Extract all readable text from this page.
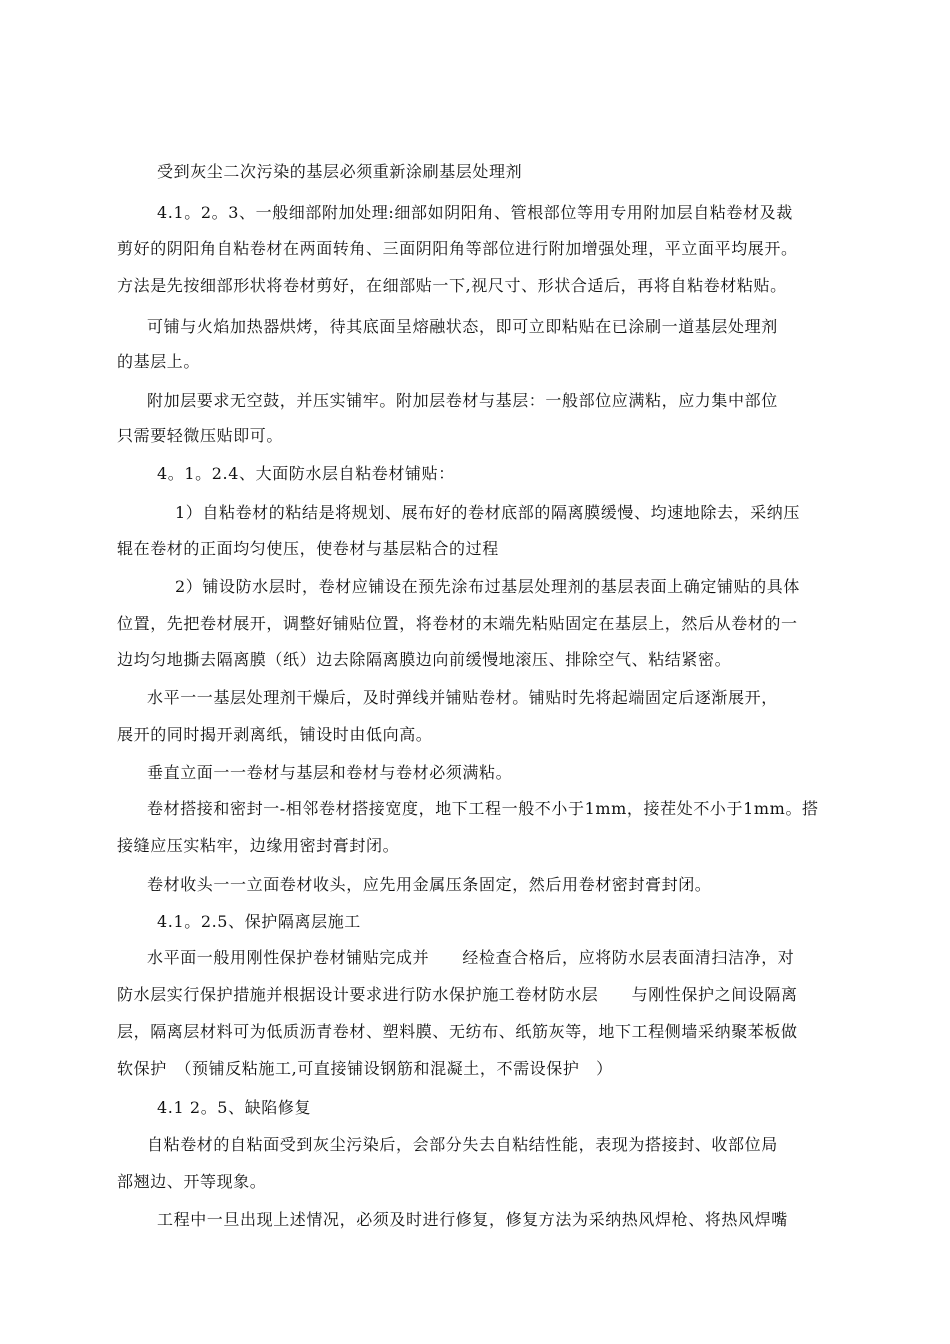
受到灰尘二次污染的基层必须重新涂刷基层处理剂
4.1。2。3、一般细部附加处理:细部如阴阳角、管根部位等用专用附加层自粘卷材及裁
剪好的阴阳角自粘卷材在两面转角、三面阴阳角等部位进行附加增强处理，平立面平均展开。
方法是先按细部形状将卷材剪好，在细部贴一下,视尺寸、形状合适后，再将自粘卷材粘贴。
可铺与火焰加热器烘烤，待其底面呈熔融状态，即可立即粘贴在已涂刷一道基层处理剂
的基层上。
附加层要求无空鼓，并压实铺牢。附加层卷材与基层：一般部位应满粘，应力集中部位
只需要轻微压贴即可。
4。1。2.4、大面防水层自粘卷材铺贴：
1）自粘卷材的粘结是将规划、展布好的卷材底部的隔离膜缓慢、均速地除去，采纳压
辊在卷材的正面均匀使压，使卷材与基层粘合的过程
2）铺设防水层时，卷材应铺设在预先涂布过基层处理剂的基层表面上确定铺贴的具体
位置，先把卷材展开，调整好铺贴位置，将卷材的末端先粘贴固定在基层上，然后从卷材的一
边均匀地撕去隔离膜（纸）边去除隔离膜边向前缓慢地滚压、排除空气、粘结紧密。
水平一一基层处理剂干燥后，及时弹线并铺贴卷材。铺贴时先将起端固定后逐渐展开，
展开的同时揭开剥离纸，铺设时由低向高。
垂直立面一一卷材与基层和卷材与卷材必须满粘。
卷材搭接和密封一-相邻卷材搭接宽度，地下工程一般不小于1mm，接茬处不小于1mm。搭
接缝应压实粘牢，边缘用密封膏封闭。
卷材收头一一立面卷材收头，应先用金属压条固定，然后用卷材密封膏封闭。
4.1。2.5、保护隔离层施工
水平面一般用刚性保护卷材铺贴完成并　　经检查合格后，应将防水层表面清扫洁净，对
防水层实行保护措施并根据设计要求进行防水保护施工卷材防水层　　与刚性保护之间设隔离
层，隔离层材料可为低质沥青卷材、塑料膜、无纺布、纸筋灰等，地下工程侧墙采纳聚苯板做
软保护　（预铺反粘施工,可直接铺设钢筋和混凝土，不需设保护　）
4.1 2。5、缺陷修复
自粘卷材的自粘面受到灰尘污染后，会部分失去自粘结性能，表现为搭接封、收部位局
部翘边、开等现象。
工程中一旦出现上述情况，必须及时进行修复，修复方法为采纳热风焊枪、将热风焊嘴
